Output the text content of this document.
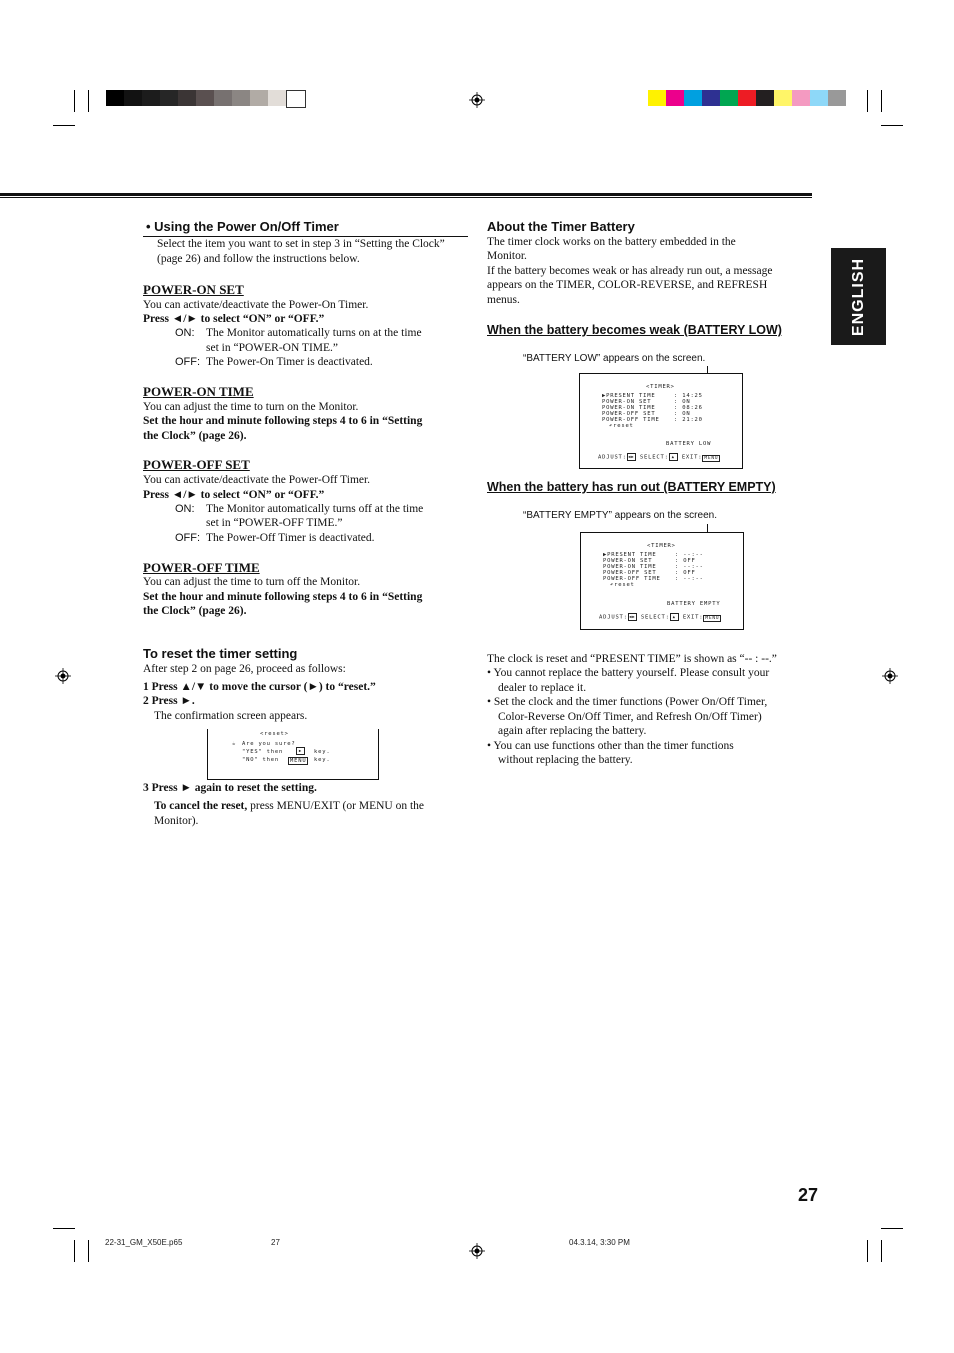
ENGLISH
• Using the Power On/Off Timer
Select the item you want to set in step 3 in “Setting the Clock” (page 26) and follow the instructions below.
POWER-ON SET
You can activate/deactivate the Power-On Timer.
Press ◄/► to select “ON” or “OFF.”
ON: The Monitor automatically turns on at the time
set in “POWER-ON TIME.”
OFF: The Power-On Timer is deactivated.
POWER-ON TIME
You can adjust the time to turn on the Monitor.
Set the hour and minute following steps 4 to 6 in “Setting
the Clock” (page 26).
POWER-OFF SET
You can activate/deactivate the Power-Off Timer.
Press ◄/► to select “ON” or “OFF.”
ON: The Monitor automatically turns off at the time
set in “POWER-OFF TIME.”
OFF: The Power-Off Timer is deactivated.
POWER-OFF TIME
You can adjust the time to turn off the Monitor.
Set the hour and minute following steps 4 to 6 in “Setting
the Clock” (page 26).
To reset the timer setting
After step 2 on page 26, proceed as follows:
1 Press ▲/▼ to move the cursor (►) to “reset.”
2 Press ►.
The confirmation screen appears.
<reset>
☕ Are you sure?
"YES" then	▶	key.
"NO" then	MENU	key.
3 Press ► again to reset the setting.
To cancel the reset, press MENU/EXIT (or MENU on the
Monitor).
About the Timer Battery
The timer clock works on the battery embedded in the
Monitor.
If the battery becomes weak or has already run out, a message
appears on the TIMER, COLOR-REVERSE, and REFRESH
menus.
When the battery becomes weak (BATTERY LOW)
“BATTERY LOW” appears on the screen.
<TIMER>
▶PRESENT TIME	: 14:25
POWER-ON SET	: ON
POWER-ON TIME	: 08:26
POWER-OFF SET	: ON
POWER-OFF TIME	: 21:20
↶reset
BATTERY LOW
ADJUST:◀▶ SELECT: ▲ EXIT: MENU
When the battery has run out (BATTERY EMPTY)
“BATTERY EMPTY” appears on the screen.
<TIMER>
▶PRESENT TIME	: --:--
POWER-ON SET	: OFF
POWER-ON TIME	: --:--
POWER-OFF SET	: OFF
POWER-OFF TIME	: --:--
↶reset
BATTERY EMPTY
ADJUST:◀▶ SELECT: ▲ EXIT: MENU
The clock is reset and “PRESENT TIME” is shown as “-- : --.”
• You cannot replace the battery yourself. Please consult your
dealer to replace it.
• Set the clock and the timer functions (Power On/Off Timer,
Color-Reverse On/Off Timer, and Refresh On/Off Timer)
again after replacing the battery.
• You can use functions other than the timer functions
without replacing the battery.
27
22-31_GM_X50E.p65	27	04.3.14, 3:30 PM
